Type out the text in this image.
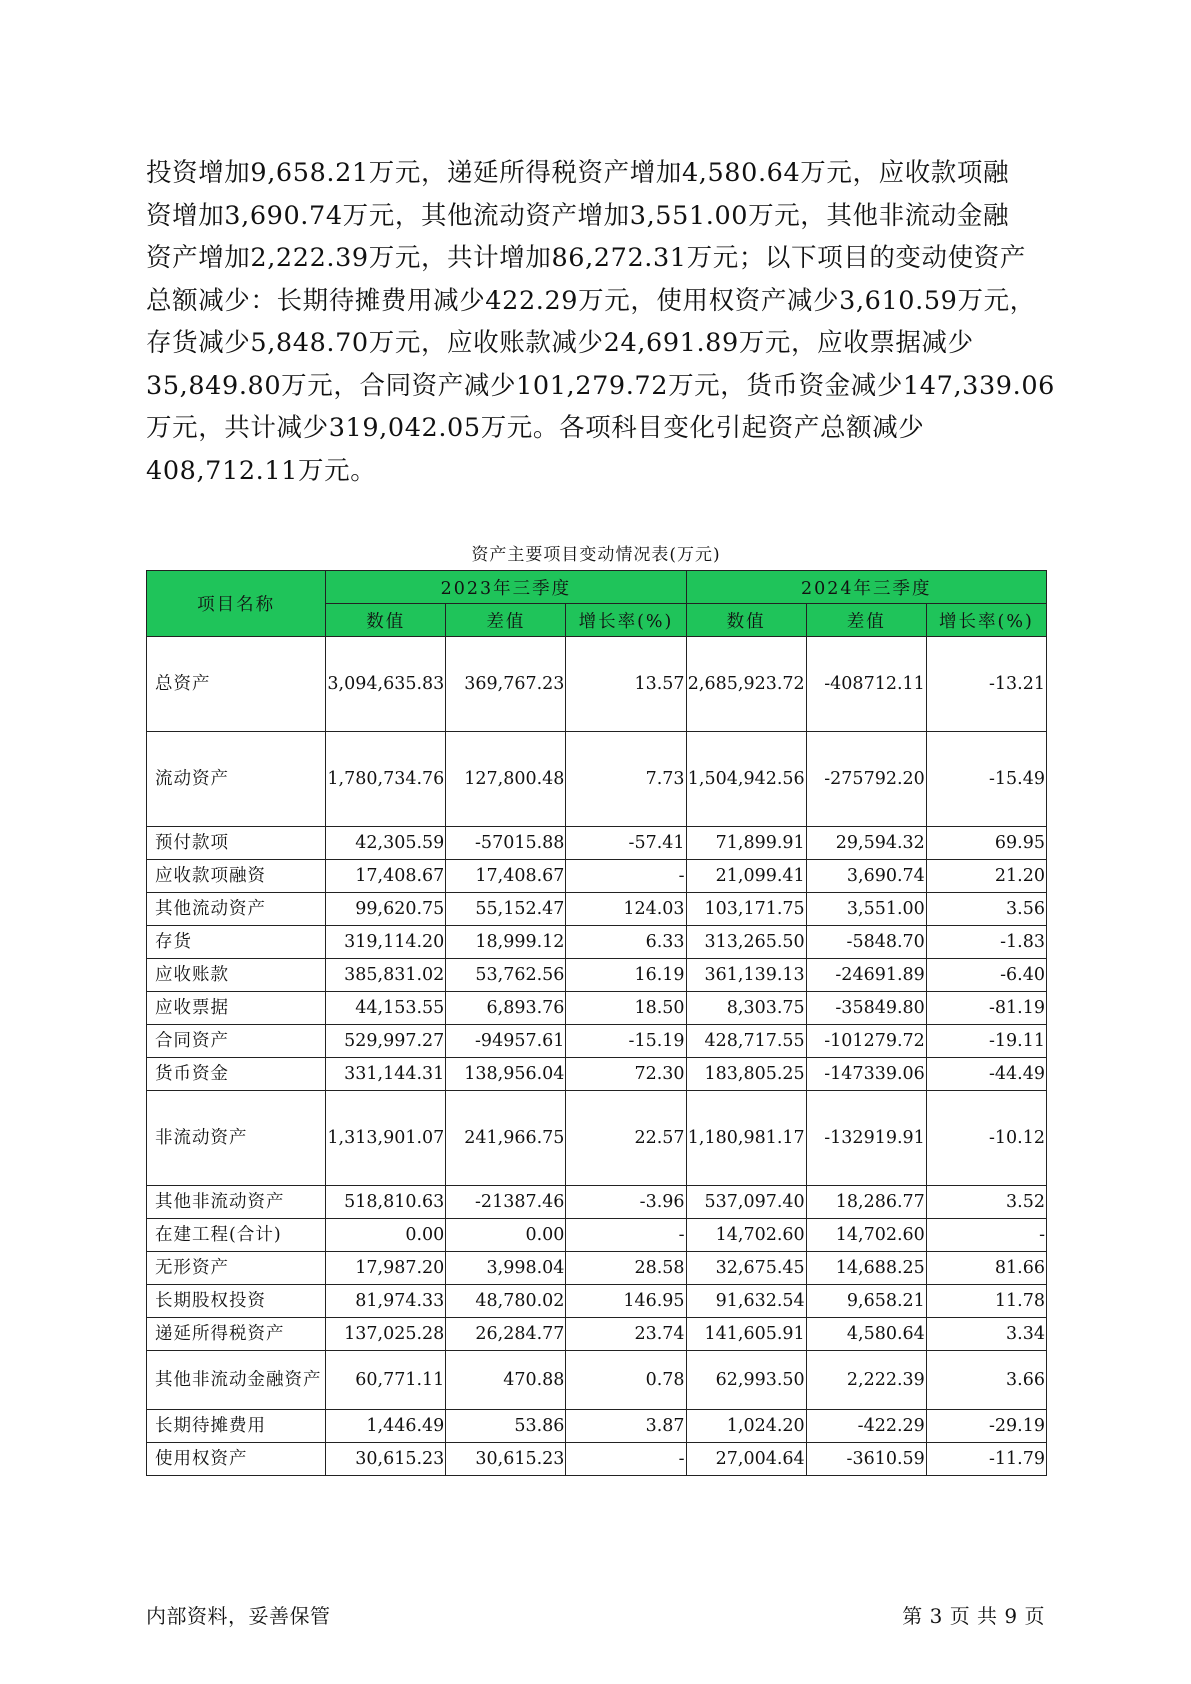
投资增加9,658.21万元，递延所得税资产增加4,580.64万元，应收款项融

资增加3,690.74万元，其他流动资产增加3,551.00万元，其他非流动金融

资产增加2,222.39万元，共计增加86,272.31万元；以下项目的变动使资产

总额减少：长期待摊费用减少422.29万元，使用权资产减少3,610.59万元，

存货减少5,848.70万元，应收账款减少24,691.89万元，应收票据减少

35,849.80万元，合同资产减少101,279.72万元，货币资金减少147,339.06

万元，共计减少319,042.05万元。各项科目变化引起资产总额减少

408,712.11万元。

资产主要项目变动情况表(万元)
项目名称	2023年三季度			2024年三季度		
	数值	差值	增长率(%)	数值	差值	增长率(%)
总资产	3,094,635.83	369,767.23	13.57	2,685,923.72	-408712.11	-13.21
流动资产	1,780,734.76	127,800.48	7.73	1,504,942.56	-275792.20	-15.49
预付款项	42,305.59	-57015.88	-57.41	71,899.91	29,594.32	69.95
应收款项融资	17,408.67	17,408.67	-	21,099.41	3,690.74	21.20
其他流动资产	99,620.75	55,152.47	124.03	103,171.75	3,551.00	3.56
存货	319,114.20	18,999.12	6.33	313,265.50	-5848.70	-1.83
应收账款	385,831.02	53,762.56	16.19	361,139.13	-24691.89	-6.40
应收票据	44,153.55	6,893.76	18.50	8,303.75	-35849.80	-81.19
合同资产	529,997.27	-94957.61	-15.19	428,717.55	-101279.72	-19.11
货币资金	331,144.31	138,956.04	72.30	183,805.25	-147339.06	-44.49
非流动资产	1,313,901.07	241,966.75	22.57	1,180,981.17	-132919.91	-10.12
其他非流动资产	518,810.63	-21387.46	-3.96	537,097.40	18,286.77	3.52
在建工程(合计)	0.00	0.00	-	14,702.60	14,702.60	-
无形资产	17,987.20	3,998.04	28.58	32,675.45	14,688.25	81.66
长期股权投资	81,974.33	48,780.02	146.95	91,632.54	9,658.21	11.78
递延所得税资产	137,025.28	26,284.77	23.74	141,605.91	4,580.64	3.34
其他非流动金融资产	60,771.11	470.88	0.78	62,993.50	2,222.39	3.66
长期待摊费用	1,446.49	53.86	3.87	1,024.20	-422.29	-29.19
使用权资产	30,615.23	30,615.23	-	27,004.64	-3610.59	-11.79
内部资料，妥善保管	第 3 页 共 9 页
